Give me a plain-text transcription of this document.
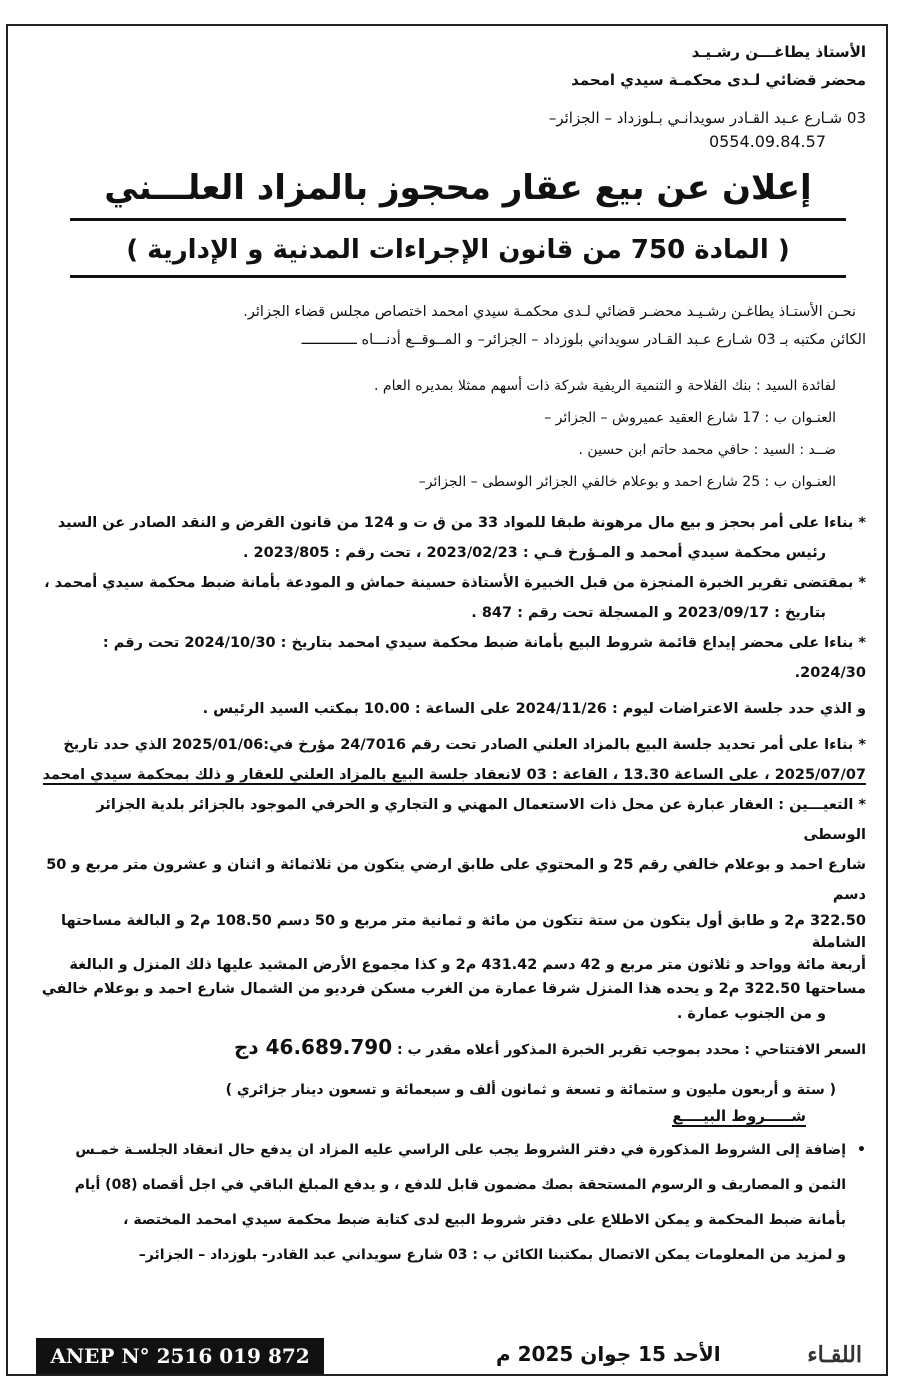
الأستاذ يطاغـــن رشـيـد
محضر قضائي لـدى محكمـة سيدي امحمد
03 شـارع عـبد القـادر سويدانـي بـلوزداد – الجزائر–
0554.09.84.57
إعلان عن بيع عقار محجوز بالمزاد العلـــني
( المادة 750 من قانون الإجراءات المدنية و الإدارية )
نحـن الأستـاذ يطاغـن رشـيـد محضـر قضائي لـدى محكمـة سيدي امحمد اختصاص مجلس قضاء الجزائر.
الكائن مكتبه بـ 03 شـارع عـبد القـادر سويداني بلوزداد – الجزائر– و المــوقــع أدنـــاه ـــــــــــــ
لفائدة السيد : بنك الفلاحة و التنمية الريفية شركة ذات أسهم ممثلا بمديره العام .
العنـوان ب : 17 شارع العقيد عميروش – الجزائر –
ضــد : السيد : حافي محمد حاتم ابن حسين .
العنـوان ب : 25 شارع احمد و بوعلام خالفي الجزائر الوسطى – الجزائر–
* بناءا على أمر بحجز و بيع مال مرهونة طبقا للمواد 33 من ق ت و 124 من قانون القرض و النقد الصادر عن السيد
رئيس محكمة سيدي أمحمد و المـؤرخ فـي : 2023/02/23 ، تحت رقم : 2023/805 .
* بمقتضى تقرير الخبرة المنجزة من قبل الخبيرة الأستاذة حسينة حماش و المودعة بأمانة ضبط محكمة سيدي أمحمد ،
بتاريخ : 2023/09/17 و المسجلة تحت رقم : 847 .
* بناءا على محضر إيداع قائمة شروط البيع بأمانة ضبط محكمة سيدي امحمد بتاريخ : 2024/10/30 تحت رقم : 2024/30.
و الذي حدد جلسة الاعتراضات ليوم : 2024/11/26 على الساعة : 10.00 بمكتب السيد الرئيس .
* بناءا على أمر تحديد جلسة البيع بالمزاد العلني الصادر تحت رقم 24/7016 مؤرخ في:2025/01/06 الذي حدد تاريخ
2025/07/07 ، على الساعة 13.30 ، القاعة : 03 لانعقاد جلسة البيع بالمزاد العلني للعقار و ذلك بمحكمة سيدي امحمد
* التعيـــين : العقار عبارة عن محل ذات الاستعمال المهني و التجاري و الحرفي الموجود بالجزائر بلدية الجزائر الوسطى
شارع احمد و بوعلام خالفي رقم 25 و المحتوي على طابق ارضي يتكون من ثلاثمائة و اثنان و عشرون متر مربع و 50 دسم
322.50 م2 و طابق أول يتكون من ستة تتكون من مائة و ثمانية متر مربع و 50 دسم 108.50 م2 و البالغة مساحتها الشاملة
أربعة مائة وواحد و ثلاثون متر مربع و 42 دسم 431.42 م2 و كذا مجموع الأرض المشيد عليها ذلك المنزل و البالغة
مساحتها 322.50 م2 و يحده هذا المنزل شرقا عمارة من الغرب مسكن فرديو من الشمال شارع احمد و بوعلام خالفي
و من الجنوب عمارة .
السعر الافتتاحي : محدد بموجب تقرير الخبرة المذكور أعلاه مقدر ب : 46.689.790 دج
( ستة و أربعون مليون و ستمائة و تسعة و ثمانون ألف و سبعمائة و تسعون دينار جزائري )
شـــــروط البيــــع
•إضافة إلى الشروط المذكورة في دفتر الشروط يجب على الراسي عليه المزاد ان يدفع حال انعقاد الجلسـة خمـس
الثمن و المصاريف و الرسوم المستحقة بصك مضمون قابل للدفع ، و يدفع المبلغ الباقي في اجل أقصاه (08) أيام
بأمانة ضبط المحكمة و يمكن الاطلاع على دفتر شروط البيع لدى كتابة ضبط محكمة سيدي امحمد المختصة ،
و لمزيد من المعلومات يمكن الاتصال بمكتبنا الكائن ب : 03 شارع سويداني عبد القادر- بلوزداد – الجزائر–
ANEP N° 2516 019 872	الأحد 15 جوان 2025 م	اللقـاء
